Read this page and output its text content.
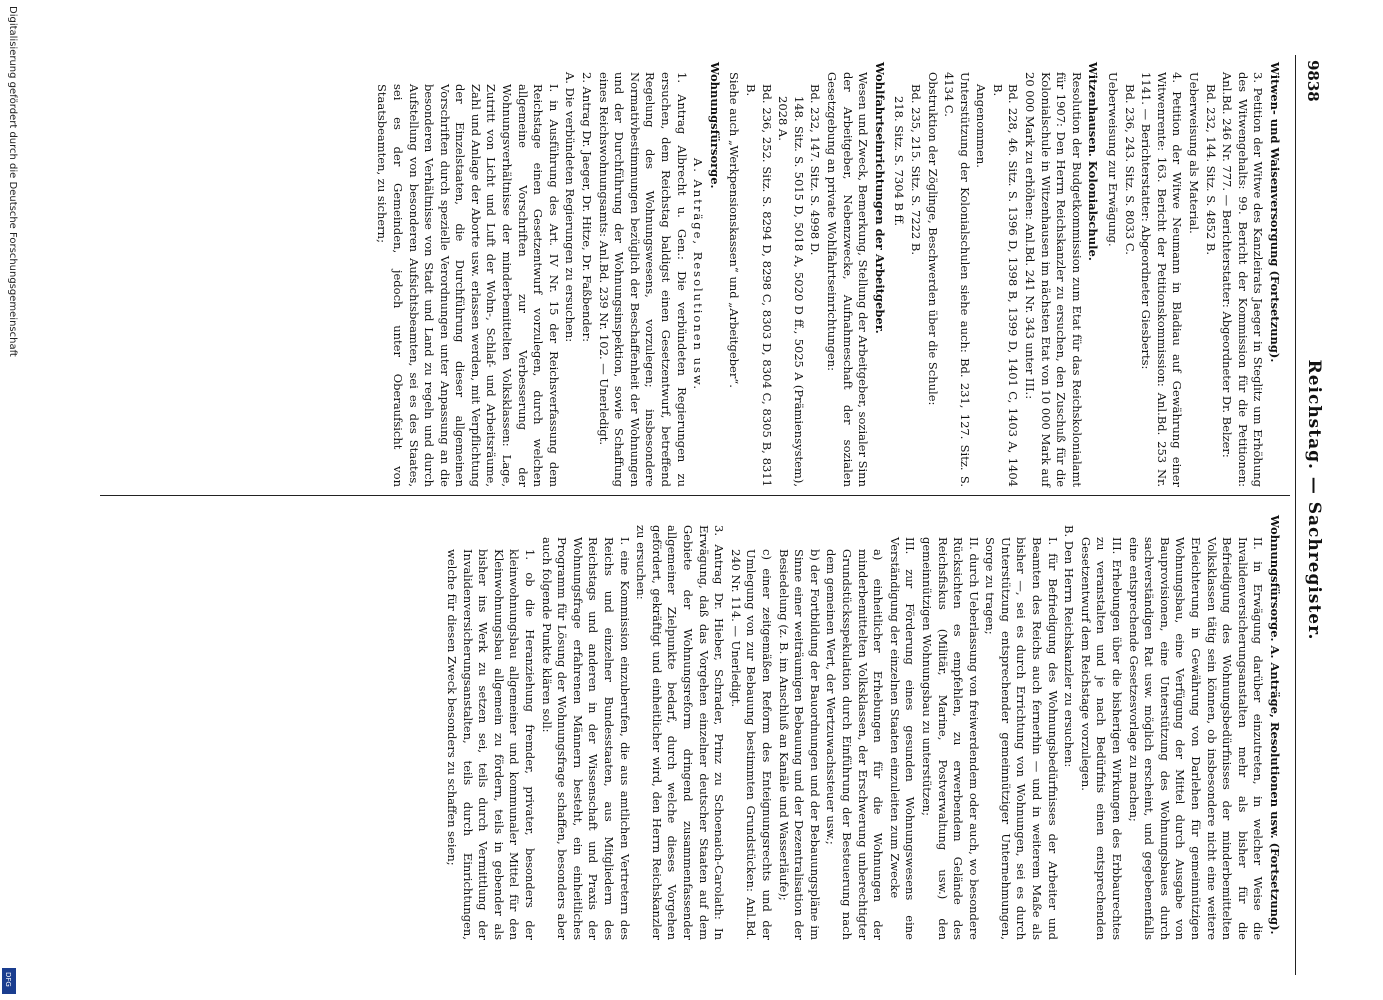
9838
Reichstag. — Sachregister.

Witwen- und Waisenversorgung (Fortsetzung).

3. Petition der Witwe des Kanzleirats Jaeger in Steglitz um Erhöhung des Witwengehalts: 99. Bericht der Kommission für die Petitionen: Anl.Bd. 246 Nr. 777. — Berichterstatter: Abgeordneter Dr. Belzer:

Bd. 232, 144. Sitz. S. 4852 B.

Ueberweisung als Material.

4. Petition der Witwe Neumann in Bladiau auf Gewährung einer Witwenrente: 163. Bericht der Petitionskommission: Anl.Bd. 253 Nr. 1141. — Berichterstatter: Abgeordneter Giesberts:

Bd. 236, 243. Sitz. S. 8033 C.

Ueberweisung zur Erwägung.

Witzenhausen. Kolonialschule.

Resolution der Budgetkommission zum Etat für das Reichskolonialamt für 1907: Den Herrn Reichskanzler zu ersuchen, den Zuschuß für die Kolonialschule in Witzenhausen im nächsten Etat von 10 000 Mark auf 20 000 Mark zu erhöhen: Anl.Bd. 241 Nr. 343 unter III.:

Bd. 228, 46. Sitz. S. 1396 D, 1398 B, 1399 D, 1401 C, 1403 A, 1404 B.

Angenommen.

Unterstützung der Kolonialschulen siehe auch: Bd. 231, 127. Sitz. S. 4134 C.

Obstruktion der Zöglinge, Beschwerden über die Schule:

Bd. 235, 215. Sitz. S. 7222 B.

218. Sitz. S. 7304 B ff.

Wohlfahrtseinrichtungen der Arbeitgeber.

Wesen und Zweck, Bemerkung, Stellung der Arbeitgeber, sozialer Sinn der Arbeitgeber, Nebenzwecke, Aufnahmeschaft der sozialen Gesetzgebung an private Wohlfahrtseinrichtungen:

Bd. 232, 147. Sitz. S. 4998 D.

148. Sitz. S. 5015 D, 5018 A, 5020 D ff., 5025 A (Prämiensystem), 2028 A.

Bd. 236, 252. Sitz. S. 8294 D, 8298 C, 8303 D, 8304 C, 8305 B, 8311 B.

Siehe auch „Werkpensionskassen“ und „Arbeitgeber“.

Wohnungsfürsorge.

A. Anträge, Resolutionen usw.

1. Antrag Albrecht u. Gen.: Die verbündeten Regierungen zu ersuchen, dem Reichstag baldigst einen Gesetzentwurf, betreffend Regelung des Wohnungswesens, vorzulegen; insbesondere Normativbestimmungen bezüglich der Beschaffenheit der Wohnungen und der Durchführung der Wohnungsinspektion, sowie Schaffung eines Reichswohnungsamts: Anl.Bd. 239 Nr. 102. — Unerledigt.

2. Antrag Dr. Jaeger, Dr. Hitze, Dr. Faßbender:

A. Die verbündeten Regierungen zu ersuchen:

I. in Ausführung des Art. IV Nr. 15 der Reichsverfassung dem Reichstage einen Gesetzentwurf vorzulegen, durch welchen allgemeine Vorschriften zur Verbesserung der Wohnungsverhältnisse der minderbemittelten Volksklassen: Lage, Zutritt von Licht und Luft der Wohn-, Schlaf- und Arbeitsräume, Zahl und Anlage der Aborte usw. erlassen werden, mit Verpflichtung der Einzelstaaten, die Durchführung dieser allgemeinen Vorschriften durch spezielle Verordnungen unter Anpassung an die besonderen Verhältnisse von Stadt und Land zu regeln und durch Aufstellung von besonderen Aufsichtsbeamten, sei es des Staates, sei es der Gemeinden, jedoch unter Oberaufsicht von Staatsbeamten, zu sichern;

Wohnungsfürsorge. A. Anträge, Resolutionen usw. (Fortsetzung).

II. in Erwägung darüber einzutreten, in welcher Weise die Invalidenversicherungsanstalten mehr als bisher für die Befriedigung des Wohnungsbedürfnisses der minderbemittelten Volksklassen tätig sein können, ob insbesondere nicht eine weitere Erleichterung in Gewährung von Darlehen für gemeinnützigen Wohnungsbau, eine Verfügung der Mittel durch Ausgabe von Bauprovisionen, eine Unterstützung des Wohnungsbaues durch sachverständigen Rat usw. möglich erscheint, und gegebenenfalls eine entsprechende Gesetzesvorlage zu machen;

III. Erhebungen über die bisherigen Wirkungen des Erbbaurechtes zu veranstalten und je nach Bedürfnis einen entsprechenden Gesetzentwurf dem Reichstage vorzulegen.

B. Den Herrn Reichskanzler zu ersuchen:

I. für Befriedigung des Wohnungsbedürfnisses der Arbeiter und Beamten des Reichs auch fernerhin — und in weiterem Maße als bisher —, sei es durch Errichtung von Wohnungen, sei es durch Unterstützung entsprechender gemeinnütziger Unternehmungen, Sorge zu tragen;

II. durch Ueberlassung von freiwerdendem oder auch, wo besondere Rücksichten es empfehlen, zu erwerbendem Gelände des Reichsfiskus (Militär, Marine, Postverwaltung usw.) den gemeinnützigen Wohnungsbau zu unterstützen;

III. zur Förderung eines gesunden Wohnungswesens eine Verständigung der einzelnen Staaten einzuleiten zum Zwecke

a) einheitlicher Erhebungen für die Wohnungen der minderbemittelten Volksklassen, der Erschwerung unberechtigter Grundstücksspekulation durch Einführung der Besteuerung nach dem gemeinen Wert, der Wertzuwachssteuer usw.;

b) der Fortbildung der Bauordnungen und der Bebauungspläne im Sinne einer weiträumigen Bebauung und der Dezentralisation der Besiedelung (z. B. im Anschluß an Kanäle und Wasserläufe);

c) einer zeitgemäßen Reform des Enteignungsrechts und der Umlegung von zur Bebauung bestimmten Grundstücken: Anl.Bd. 240 Nr. 114. — Unerledigt.

3. Antrag Dr. Hieber, Schrader, Prinz zu Schoenaich-Carolath: In Erwägung, daß das Vorgehen einzelner deutscher Staaten auf dem Gebiete der Wohnungsreform dringend zusammenfassender allgemeiner Zielpunkte bedarf, durch welche dieses Vorgehen gefördert, gekräftigt und einheitlicher wird, den Herrn Reichskanzler zu ersuchen:

I. eine Kommission einzuberufen, die aus amtlichen Vertretern des Reichs und einzelner Bundesstaaten, aus Mitgliedern des Reichstags und anderen in der Wissenschaft und Praxis der Wohnungsfrage erfahrenen Männern besteht, ein einheitliches Programm für Lösung der Wohnungsfrage schaffen, besonders aber auch folgende Punkte klären soll:

1. ob die Heranziehung fremder, privater, besonders der kleinwohnungsbau allgemeiner und kommunaler Mittel für den Kleinwohnungsbau allgemein zu fördern, teils in gebender als bisher ins Werk zu setzen sei, teils durch Vermittlung der Invalidenversicherungsanstalten, teils durch Einrichtungen, welche für diesen Zweck besonders zu schaffen seien;

Digitalisierung gefördert durch die Deutsche Forschungsgemeinschaft
DFG
